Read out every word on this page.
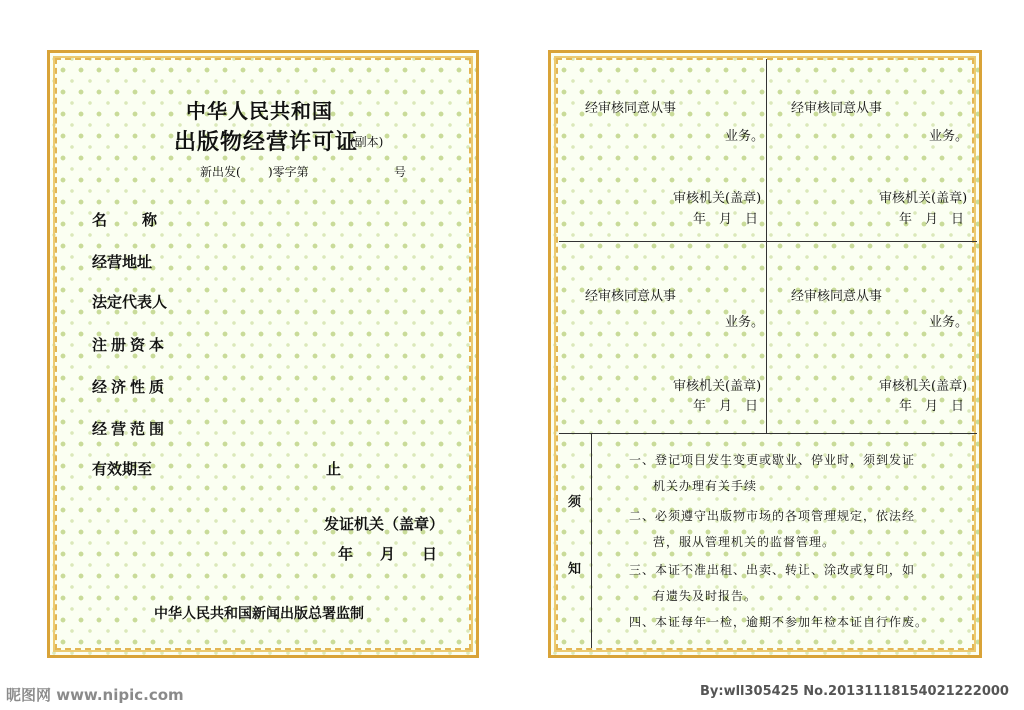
中华人民共和国
出版物经营许可证
(副本)
新出发( )零字第	号
名　称
经营地址
法定代表人
注册资本
经济性质
经营范围
有效期至	止
发证机关（盖章）
年 月 日
中华人民共和国新闻出版总署监制
经审核同意从事
业务。
审核机关(盖章)
年　月　日
经审核同意从事
业务。
审核机关(盖章)
年　月　日
经审核同意从事
业务。
审核机关(盖章)
年　月　日
经审核同意从事
业务。
审核机关(盖章)
年　月　日
须
知
一、登记项目发生变更或歇业、停业时，须到发证
机关办理有关手续
二、必须遵守出版物市场的各项管理规定，依法经
营，服从管理机关的监督管理。
三、本证不准出租、出卖、转让、涂改或复印，如
有遗失及时报告。
四、本证每年一检，逾期不参加年检本证自行作废。
昵图网 www.nipic.com	By:wll305425 No.20131118154021222000
